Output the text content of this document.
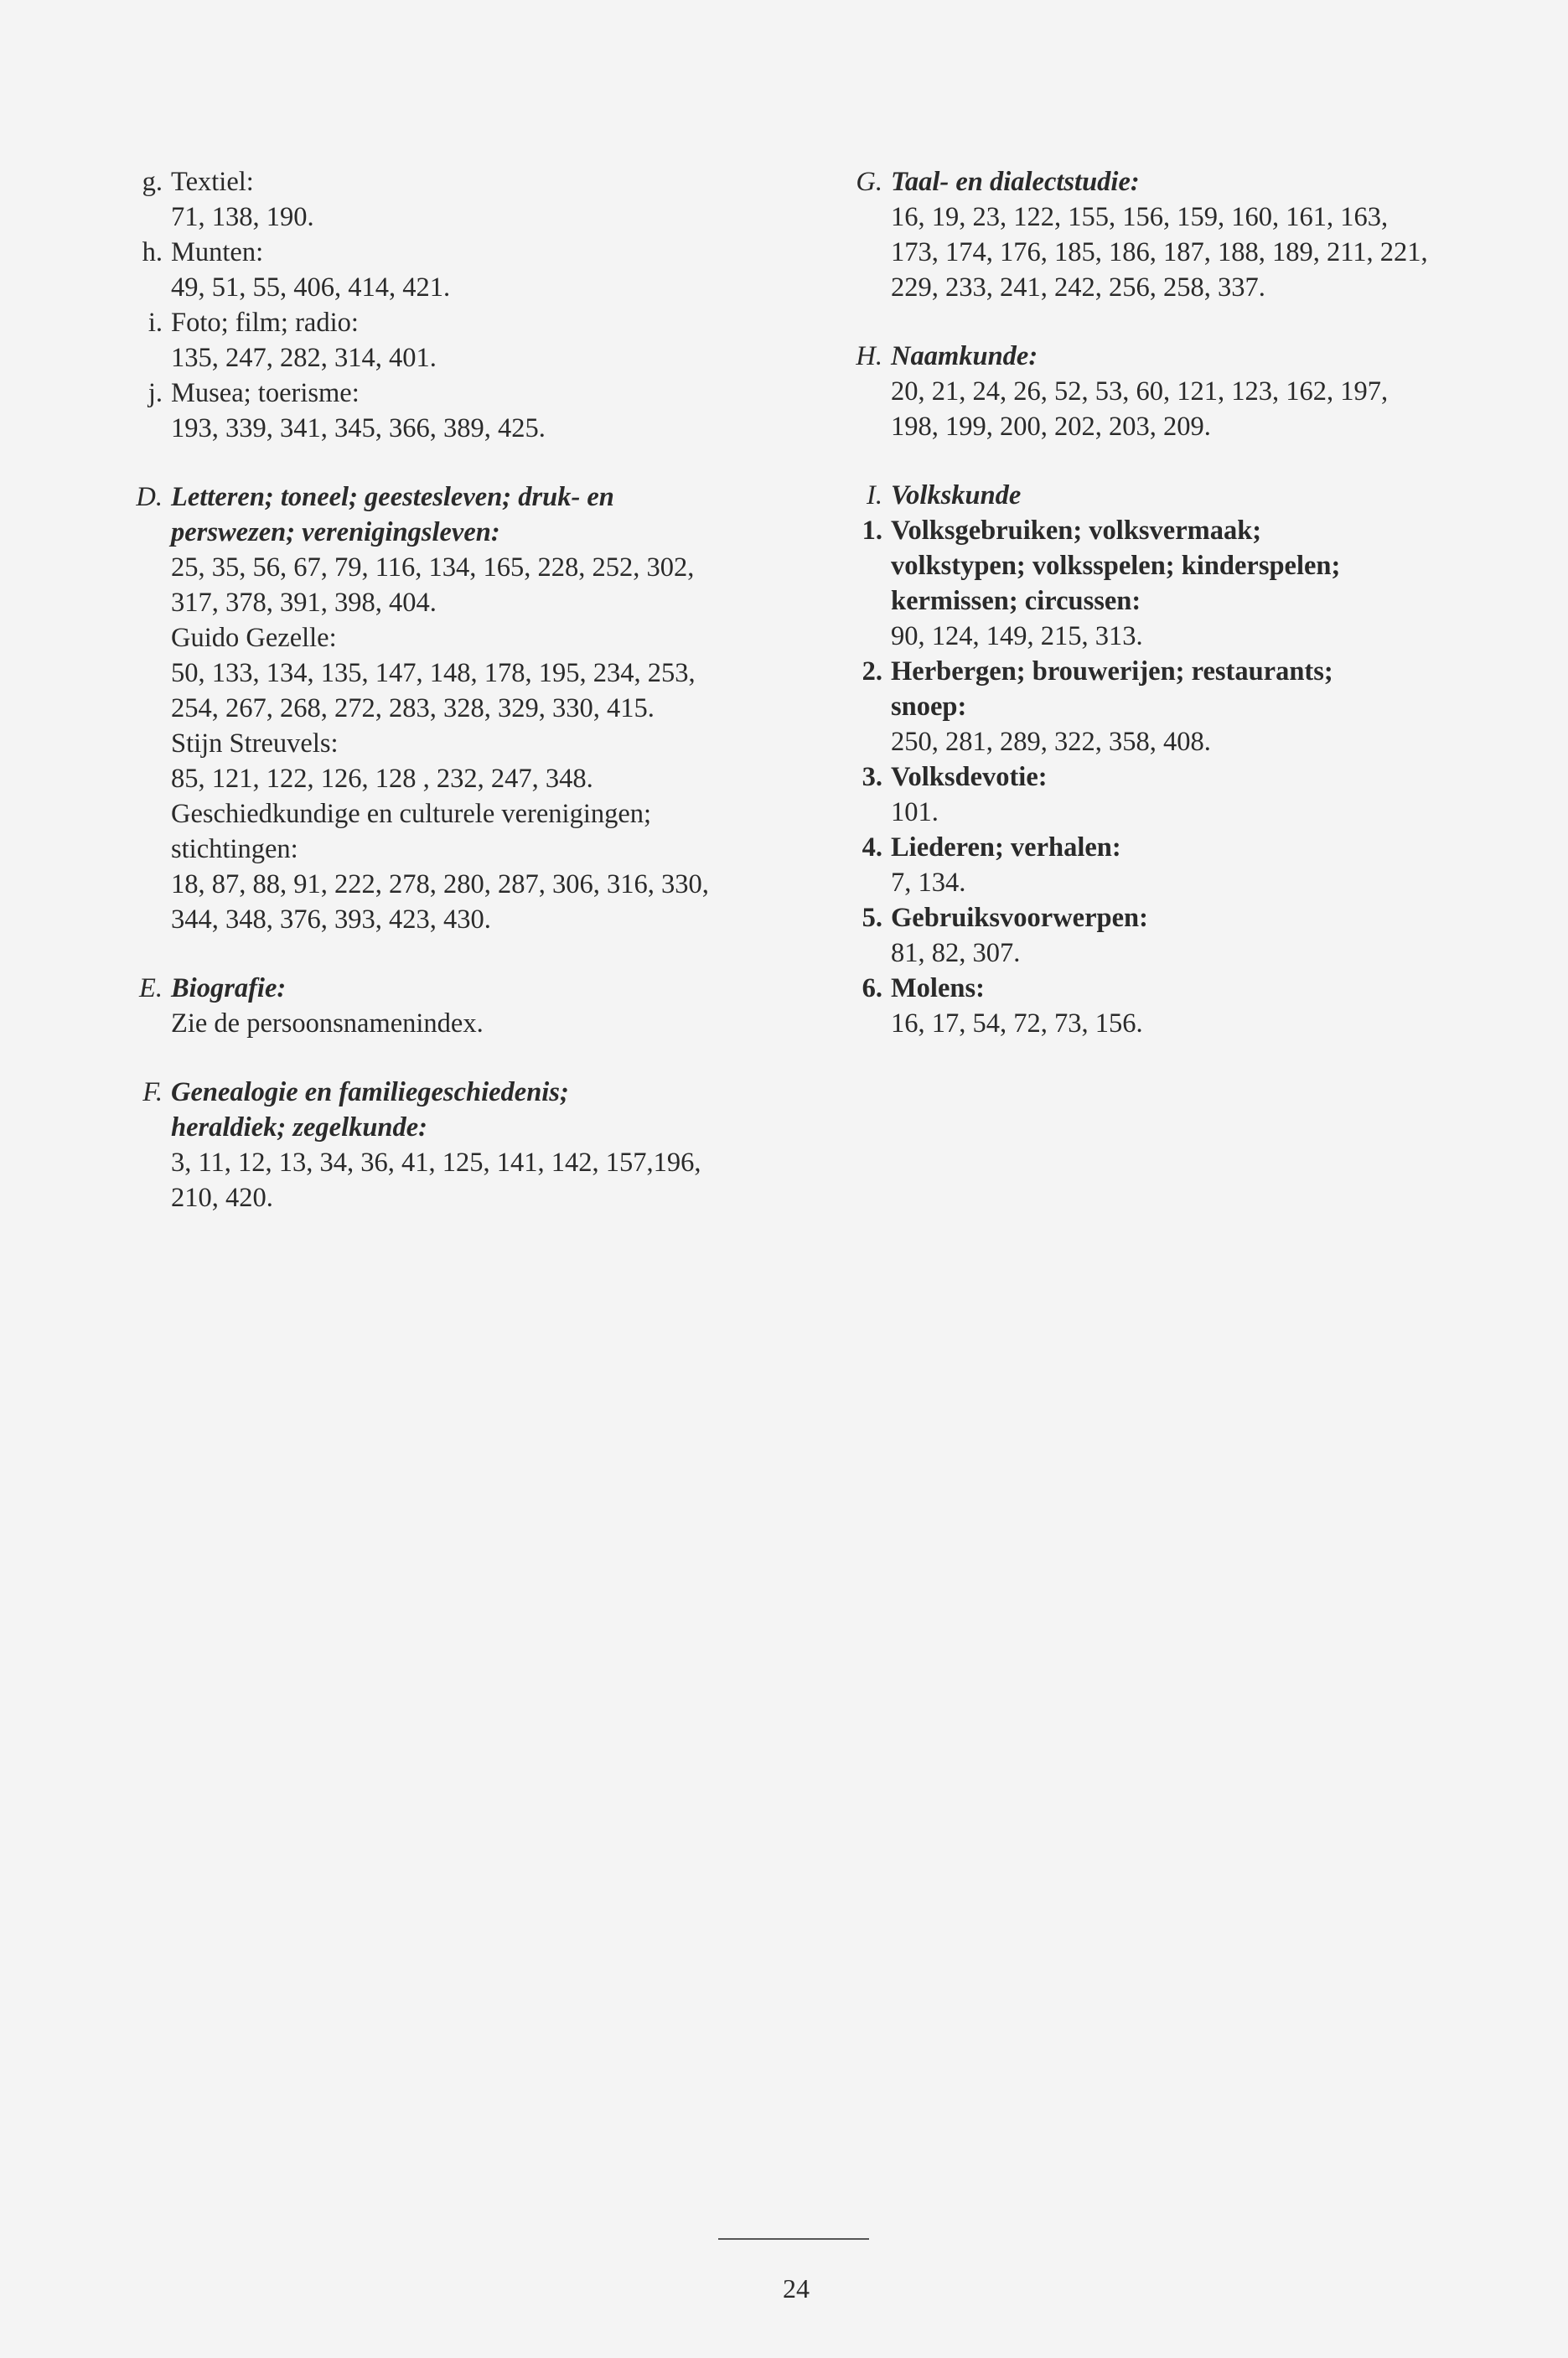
g. Textiel:
71, 138, 190.
h. Munten:
49, 51, 55, 406, 414, 421.
i. Foto; film; radio:
135, 247, 282, 314, 401.
j. Musea; toerisme:
193, 339, 341, 345, 366, 389, 425.
D. Letteren; toneel; geestesleven; druk- en
perswezen; verenigingsleven:
25, 35, 56, 67, 79, 116, 134, 165, 228, 252, 302,
317, 378, 391, 398, 404.
Guido Gezelle:
50, 133, 134, 135, 147, 148, 178, 195, 234, 253,
254, 267, 268, 272, 283, 328, 329, 330, 415.
Stijn Streuvels:
85, 121, 122, 126, 128 , 232, 247, 348.
Geschiedkundige en culturele verenigingen;
stichtingen:
18, 87, 88, 91, 222, 278, 280, 287, 306, 316, 330,
344, 348, 376, 393, 423, 430.
E. Biografie:
Zie de persoonsnamenindex.
F. Genealogie en familiegeschiedenis;
heraldiek; zegelkunde:
3, 11, 12, 13, 34, 36, 41, 125, 141, 142, 157,196,
210, 420.
G. Taal- en dialectstudie:
16, 19, 23, 122, 155, 156, 159, 160, 161, 163,
173, 174, 176, 185, 186, 187, 188, 189, 211, 221,
229, 233, 241, 242, 256, 258, 337.
H. Naamkunde:
20, 21, 24, 26, 52, 53, 60, 121, 123, 162, 197,
198, 199, 200, 202, 203, 209.
I. Volkskunde
1. Volksgebruiken; volksvermaak;
volkstypen; volksspelen; kinderspelen;
kermissen; circussen:
90, 124, 149, 215, 313.
2. Herbergen; brouwerijen; restaurants;
snoep:
250, 281, 289, 322, 358, 408.
3. Volksdevotie:
101.
4. Liederen; verhalen:
7, 134.
5. Gebruiksvoorwerpen:
81, 82, 307.
6. Molens:
16, 17, 54, 72, 73, 156.
24
